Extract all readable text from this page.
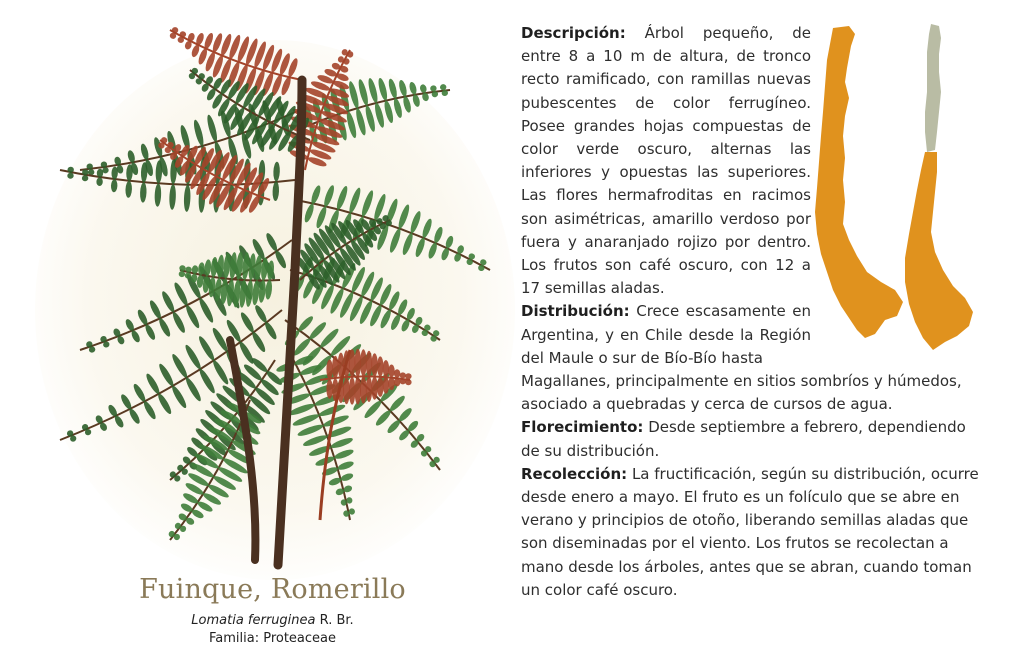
Fuinque, Romerillo
Lomatia ferruginea R. Br.
Familia: Proteaceae

Descripción: Árbol pequeño, de entre 8 a 10 m de altura, de tronco recto ramificado, con ramillas nuevas pubescentes de color ferrugíneo. Posee grandes hojas compuestas de color verde oscuro, alternas las inferiores y opuestas las superiores. Las flores hermafroditas en racimos son asimétricas, amarillo verdoso por fuera y anaranjado rojizo por dentro. Los frutos son café oscuro, con 12 a 17 semillas aladas.

Distribución: Crece escasamente en Argentina, y en Chile desde la Región del Maule o sur de Bío-Bío hasta

Magallanes, principalmente en sitios sombríos y húmedos, asociado a quebradas y cerca de cursos de agua.

Florecimiento: Desde septiembre a febrero, dependiendo de su distribución.

Recolección: La fructificación, según su distribución, ocurre desde enero a mayo. El fruto es un folículo que se abre en verano y principios de otoño, liberando semillas aladas que son diseminadas por el viento. Los frutos se recolectan a mano desde los árboles, antes que se abran, cuando toman un color café oscuro.
